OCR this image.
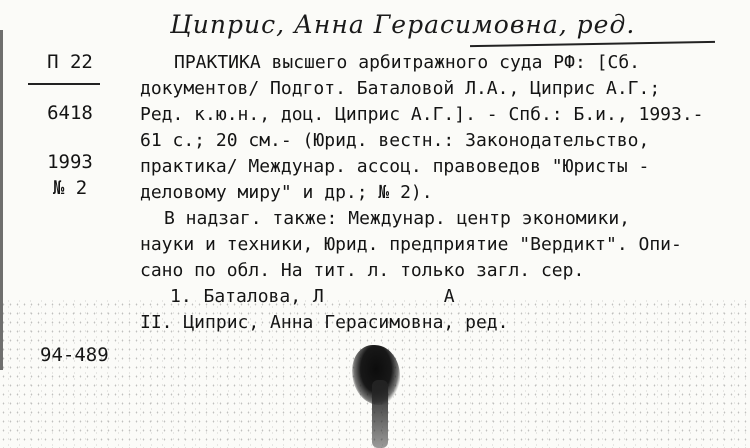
Циприс, Анна Герасимовна, ред.
П 22
6418
1993
№ 2
ПРАКТИКА высшего арбитражного суда РФ: [Сб.
документов/ Подгот. Баталовой Л.А., Циприс А.Г.;
Ред. к.ю.н., доц. Циприс А.Г.]. - Спб.: Б.и., 1993.-
61 с.; 20 см.- (Юрид. вестн.: Законодательство,
практика/ Междунар. ассоц. правоведов "Юристы -
деловому миру" и др.; № 2).
В надзаг. также: Междунар. центр экономики,
науки и техники, Юрид. предприятие "Вердикт". Опи-
сано по обл. На тит. л. только загл. сер.
1. Баталова, Л	А
II. Циприс, Анна Герасимовна, ред.
94-489
